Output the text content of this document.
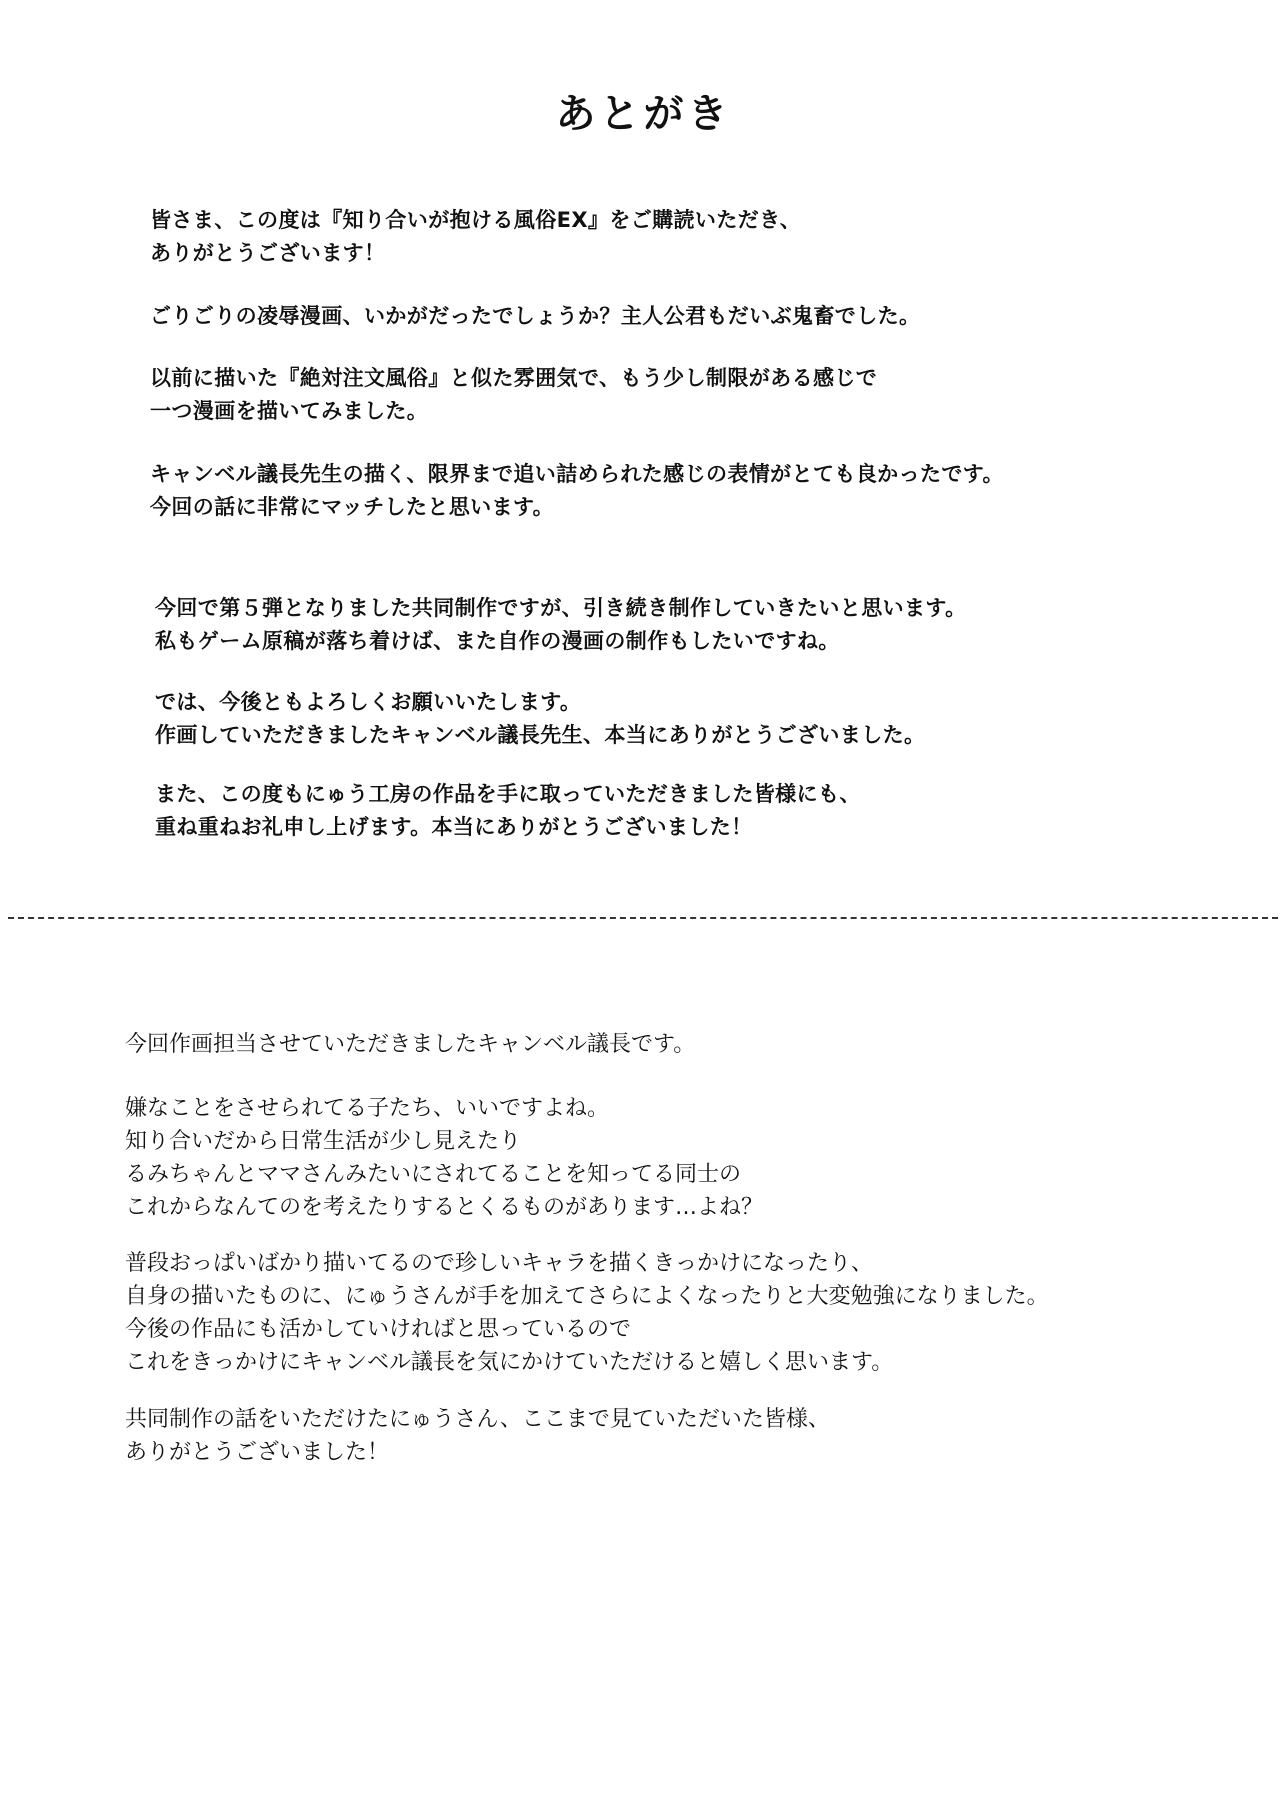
あとがき
皆さま、この度は『知り合いが抱ける風俗EX』をご購読いただき、
ありがとうございます！
ごりごりの凌辱漫画、いかがだったでしょうか？主人公君もだいぶ鬼畜でした。
以前に描いた『絶対注文風俗』と似た雰囲気で、もう少し制限がある感じで
一つ漫画を描いてみました。
キャンベル議長先生の描く、限界まで追い詰められた感じの表情がとても良かったです。
今回の話に非常にマッチしたと思います。
今回で第５弾となりました共同制作ですが、引き続き制作していきたいと思います。
私もゲーム原稿が落ち着けば、また自作の漫画の制作もしたいですね。
では、今後ともよろしくお願いいたします。
作画していただきましたキャンベル議長先生、本当にありがとうございました。
また、この度もにゅう工房の作品を手に取っていただきました皆様にも、
重ね重ねお礼申し上げます。本当にありがとうございました！
今回作画担当させていただきましたキャンベル議長です。
嫌なことをさせられてる子たち、いいですよね。
知り合いだから日常生活が少し見えたり
るみちゃんとママさんみたいにされてることを知ってる同士の
これからなんてのを考えたりするとくるものがあります…よね？
普段おっぱいばかり描いてるので珍しいキャラを描くきっかけになったり、
自身の描いたものに、にゅうさんが手を加えてさらによくなったりと大変勉強になりました。
今後の作品にも活かしていければと思っているので
これをきっかけにキャンベル議長を気にかけていただけると嬉しく思います。
共同制作の話をいただけたにゅうさん、ここまで見ていただいた皆様、
ありがとうございました！
